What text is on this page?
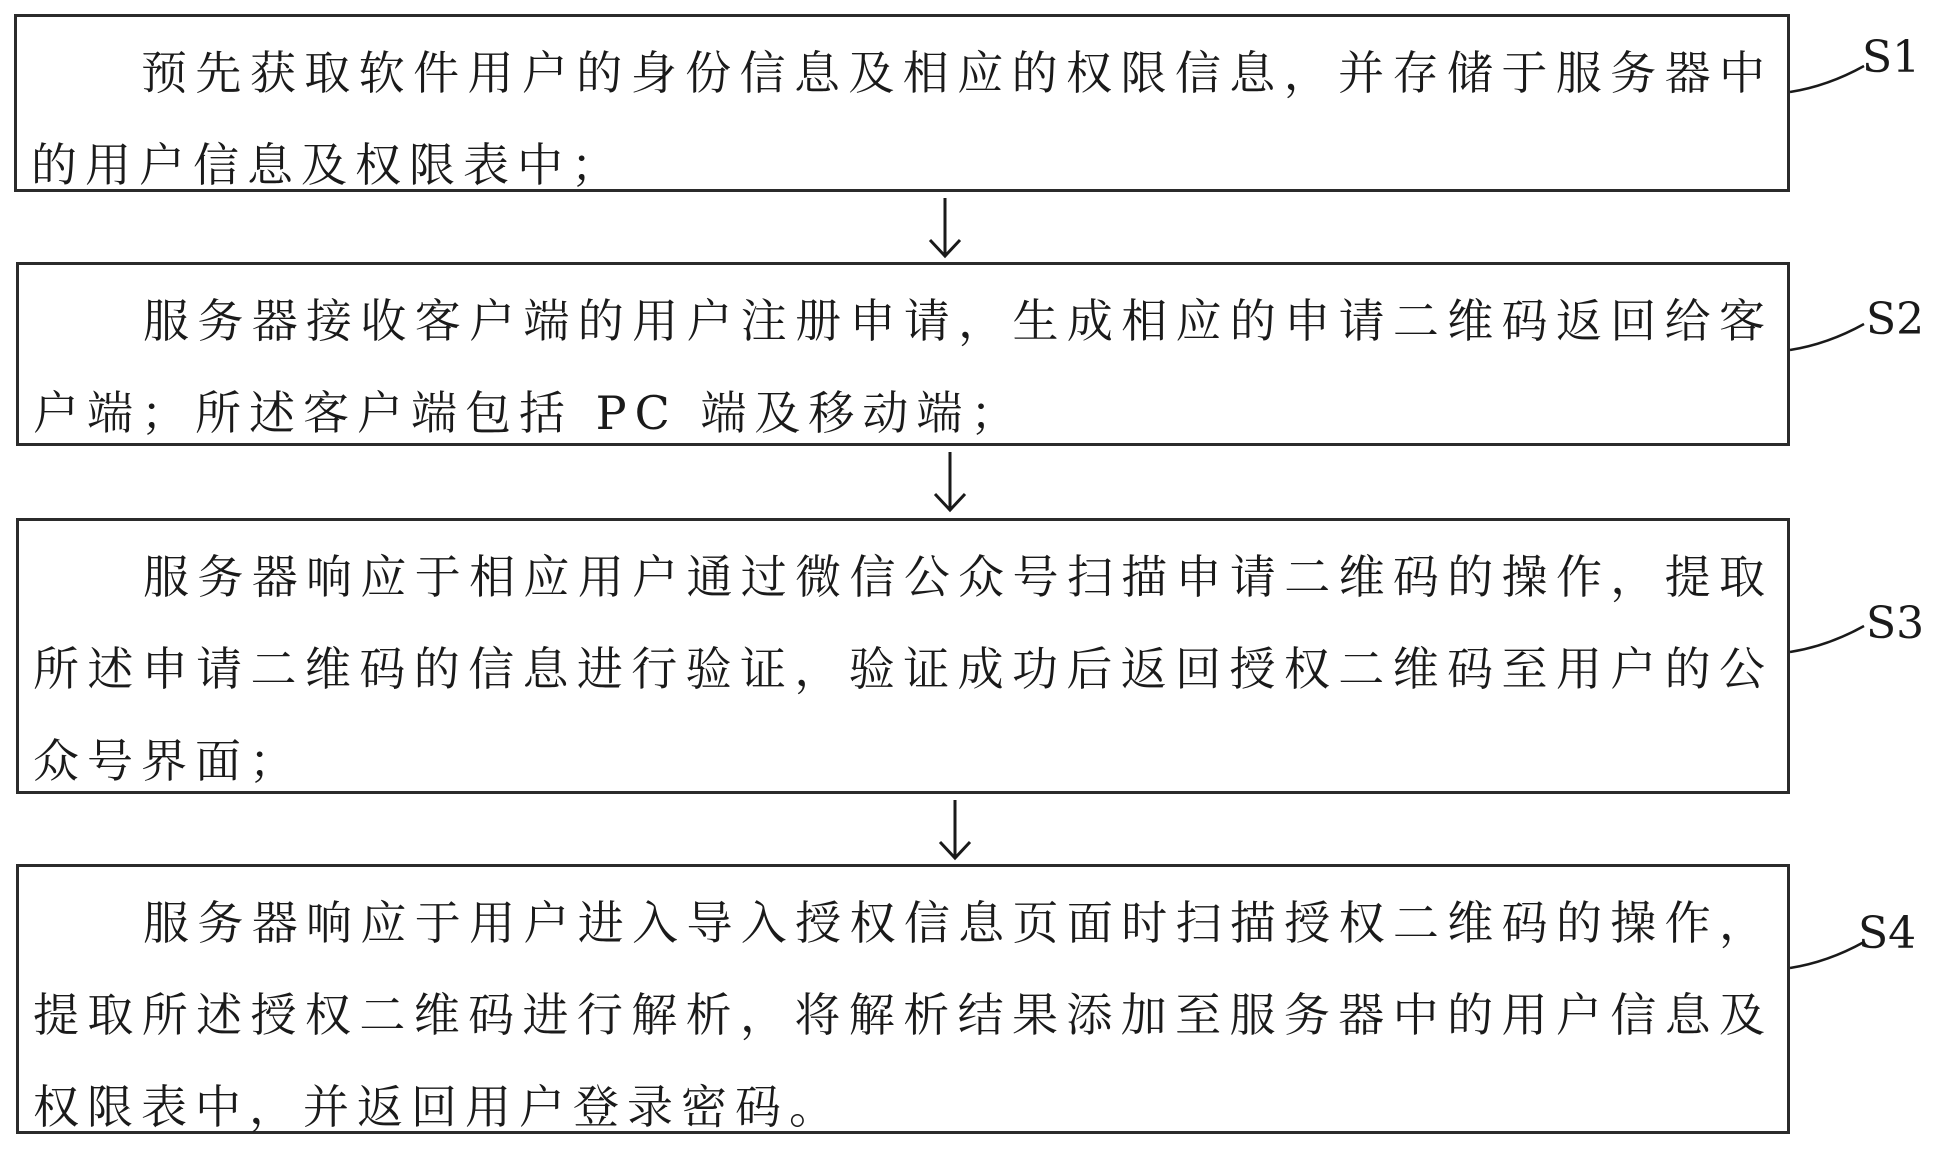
预先获取软件用户的身份信息及相应的权限信息，并存储于服务器中的用户信息及权限表中；

服务器接收客户端的用户注册申请，生成相应的申请二维码返回给客户端；所述客户端包括 PC 端及移动端；

服务器响应于相应用户通过微信公众号扫描申请二维码的操作，提取所述申请二维码的信息进行验证，验证成功后返回授权二维码至用户的公众号界面；

服务器响应于用户进入导入授权信息页面时扫描授权二维码的操作，提取所述授权二维码进行解析，将解析结果添加至服务器中的用户信息及权限表中，并返回用户登录密码。

S1
S2
S3
S4
